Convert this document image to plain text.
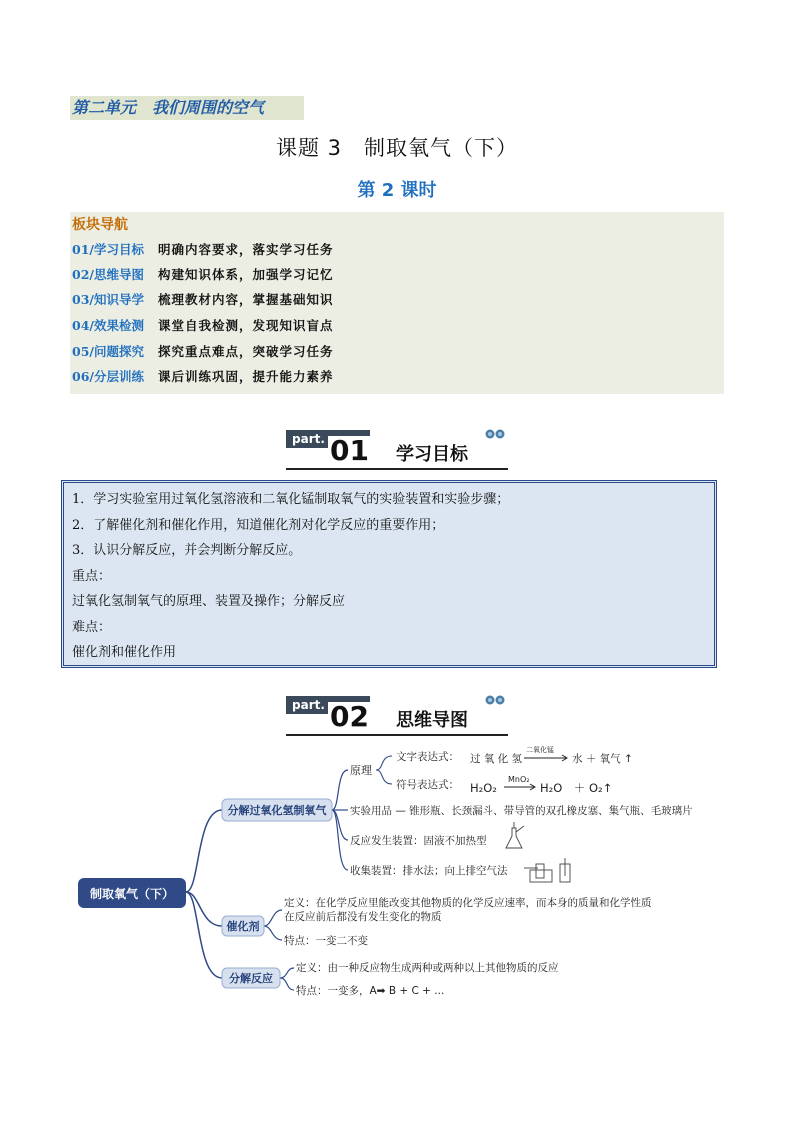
第二单元　我们周围的空气
课题 3　制取氧气（下）
第 2 课时
板块导航
01/学习目标 明确内容要求，落实学习任务
02/思维导图 构建知识体系，加强学习记忆
03/知识导学 梳理教材内容，掌握基础知识
04/效果检测 课堂自我检测，发现知识盲点
05/问题探究 探究重点难点，突破学习任务
06/分层训练 课后训练巩固，提升能力素养
part. 01 学习目标
1．学习实验室用过氧化氢溶液和二氧化锰制取氧气的实验装置和实验步骤；
2．了解催化剂和催化作用，知道催化剂对化学反应的重要作用；
3．认识分解反应，并会判断分解反应。
重点：
过氧化氢制氧气的原理、装置及操作；分解反应
难点：
催化剂和催化作用
part. 02 思维导图
制取氧气（下）
分解过氧化氢制氧气
催化剂
分解反应
原理
文字表达式： 过 氧 化 氢
二氧化锰
水 ＋ 氧气 ↑
符号表达式： H₂O₂
MnO₂
H₂O　＋ O₂↑
实验用品 — 锥形瓶、长颈漏斗、带导管的双孔橡皮塞、集气瓶、毛玻璃片
反应发生装置：固液不加热型
收集装置：排水法；向上排空气法
定义：在化学反应里能改变其他物质的化学反应速率，而本身的质量和化学性质
在反应前后都没有发生变化的物质
特点：一变二不变
定义：由一种反应物生成两种或两种以上其他物质的反应
特点：一变多，A➡ B + C + ...
